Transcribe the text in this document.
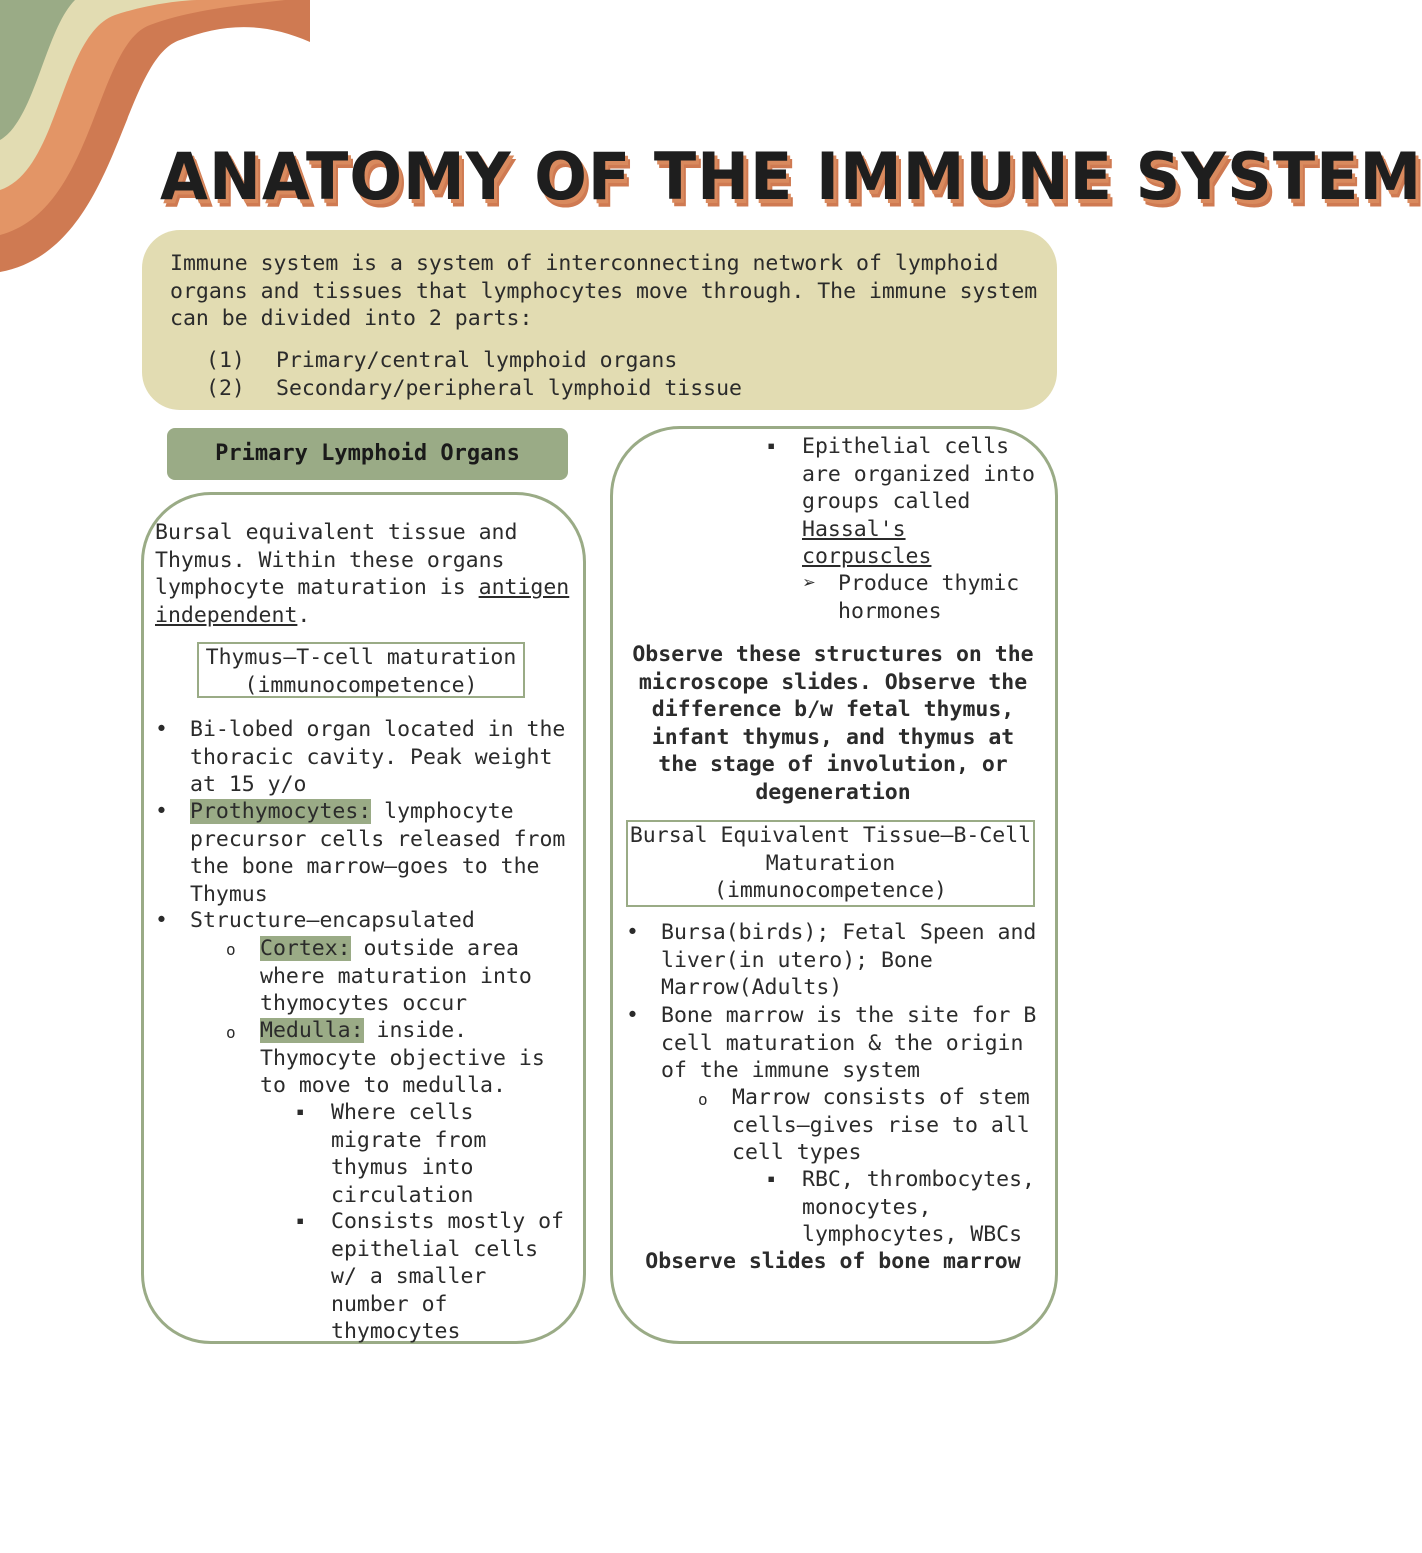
ANATOMY OF THE IMMUNE SYSTEM
Immune system is a system of interconnecting network of lymphoid
organs and tissues that lymphocytes move through. The immune system
can be divided into 2 parts:
(1) Primary/central lymphoid organs
(2) Secondary/peripheral lymphoid tissue
Primary Lymphoid Organs
Bursal equivalent tissue and
Thymus. Within these organs
lymphocyte maturation is antigen
independent.
Thymus—T-cell maturation
(immunocompetence)
• Bi-lobed organ located in the
thoracic cavity. Peak weight
at 15 y/o
• Prothymocytes: lymphocyte
precursor cells released from
the bone marrow—goes to the
Thymus
• Structure—encapsulated
o Cortex: outside area
where maturation into
thymocytes occur
o Medulla: inside.
Thymocyte objective is
to move to medulla.
▪ Where cells
migrate from
thymus into
circulation
▪ Consists mostly of
epithelial cells
w/ a smaller
number of
thymocytes
▪ Epithelial cells
are organized into
groups called
Hassal's
corpuscles
➢ Produce thymic
hormones
Observe these structures on the
microscope slides. Observe the
difference b/w fetal thymus,
infant thymus, and thymus at
the stage of involution, or
degeneration
Bursal Equivalent Tissue—B-Cell
Maturation
(immunocompetence)
• Bursa(birds); Fetal Speen and
liver(in utero); Bone
Marrow(Adults)
• Bone marrow is the site for B
cell maturation & the origin
of the immune system
o Marrow consists of stem
cells—gives rise to all
cell types
▪ RBC, thrombocytes,
monocytes,
lymphocytes, WBCs
Observe slides of bone marrow
